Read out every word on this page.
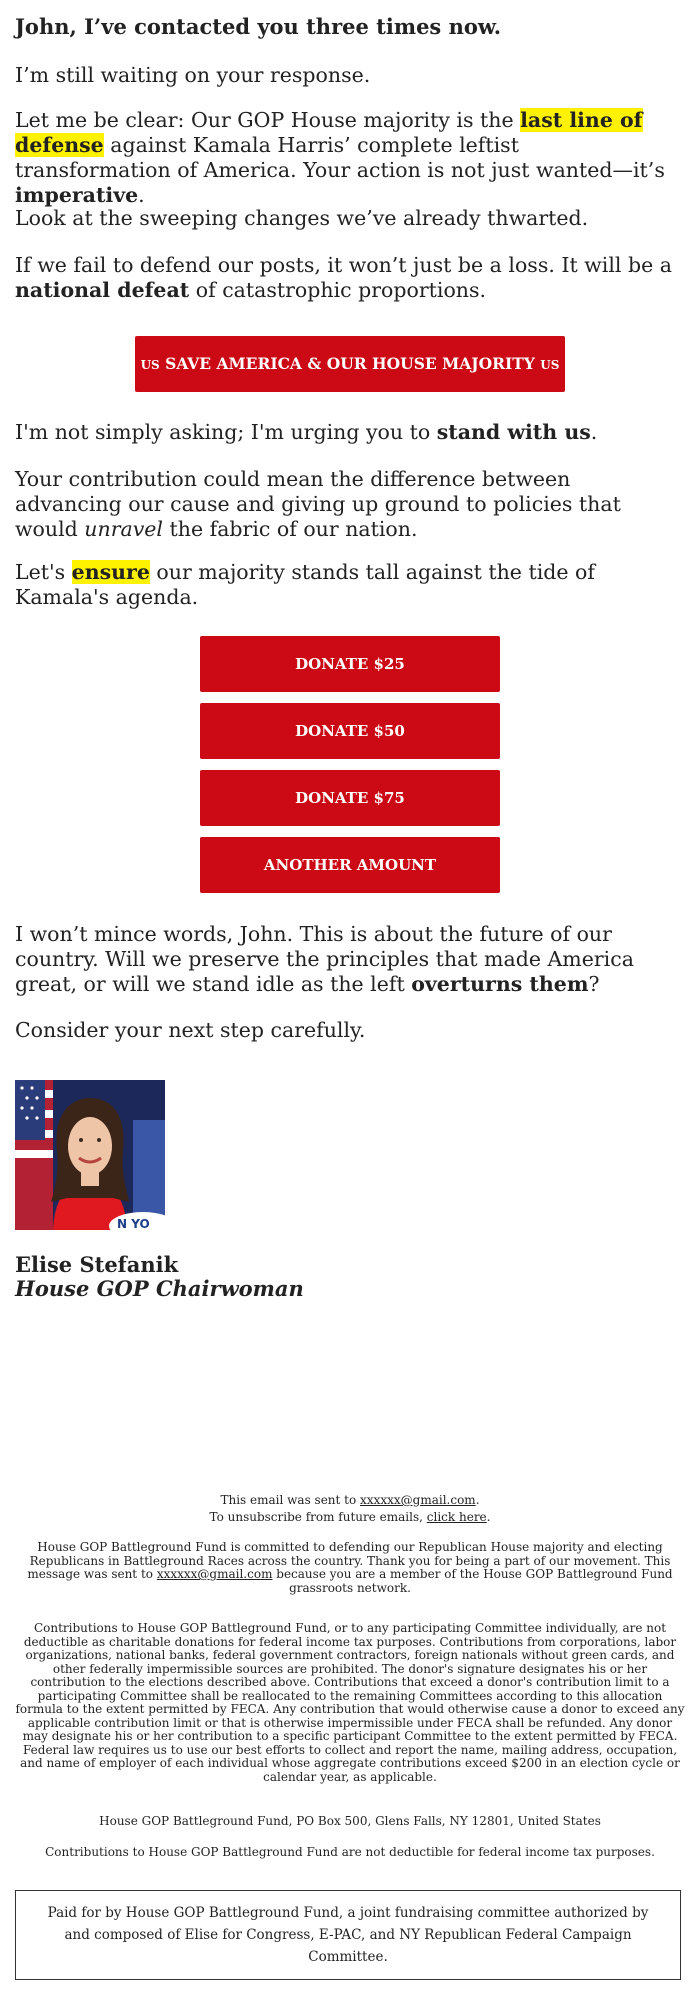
John, I’ve contacted you three times now.

I’m still waiting on your response.

Let me be clear: Our GOP House majority is the last line of defense against Kamala Harris’ complete leftist transformation of America. Your action is not just wanted—it’s imperative.

Look at the sweeping changes we’ve already thwarted.

If we fail to defend our posts, it won’t just be a loss. It will be a national defeat of catastrophic proportions.

US SAVE AMERICA & OUR HOUSE MAJORITY US

I'm not simply asking; I'm urging you to stand with us.

Your contribution could mean the difference between advancing our cause and giving up ground to policies that would unravel the fabric of our nation.

Let's ensure our majority stands tall against the tide of Kamala's agenda.

DONATE $25
DONATE $50
DONATE $75
ANOTHER AMOUNT

I won’t mince words, John. This is about the future of our country. Will we preserve the principles that made America great, or will we stand idle as the left overturns them?

Consider your next step carefully.

N YO
Elise Stefanik
House GOP Chairwoman
This email was sent to xxxxxx@gmail.com.
To unsubscribe from future emails, click here.
House GOP Battleground Fund is committed to defending our Republican House majority and electing Republicans in Battleground Races across the country. Thank you for being a part of our movement. This message was sent to xxxxxx@gmail.com because you are a member of the House GOP Battleground Fund grassroots network.
Contributions to House GOP Battleground Fund, or to any participating Committee individually, are not deductible as charitable donations for federal income tax purposes. Contributions from corporations, labor organizations, national banks, federal government contractors, foreign nationals without green cards, and other federally impermissible sources are prohibited. The donor's signature designates his or her contribution to the elections described above. Contributions that exceed a donor's contribution limit to a participating Committee shall be reallocated to the remaining Committees according to this allocation formula to the extent permitted by FECA. Any contribution that would otherwise cause a donor to exceed any applicable contribution limit or that is otherwise impermissible under FECA shall be refunded. Any donor may designate his or her contribution to a specific participant Committee to the extent permitted by FECA. Federal law requires us to use our best efforts to collect and report the name, mailing address, occupation, and name of employer of each individual whose aggregate contributions exceed $200 in an election cycle or calendar year, as applicable.
House GOP Battleground Fund, PO Box 500, Glens Falls, NY 12801, United States
Contributions to House GOP Battleground Fund are not deductible for federal income tax purposes.
Paid for by House GOP Battleground Fund, a joint fundraising committee authorized by and composed of Elise for Congress, E-PAC, and NY Republican Federal Campaign Committee.
